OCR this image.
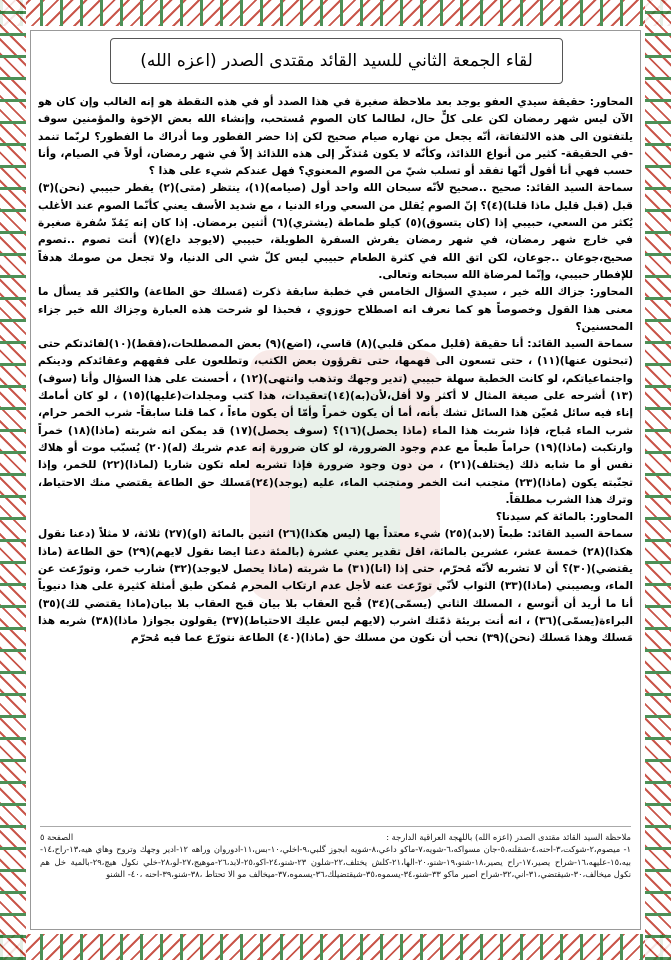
لقاء الجمعة الثاني للسيد القائد مقتدى الصدر (اعزه الله)

المحاور: حقيقة سيدي العفو يوجد بعد ملاحظة صغيرة في هذا الصدد أو في هذه النقطة هو إنه الغالب وإن كان هو الآن ليس شهر رمضان لكن على كلٍّ حال، لطالما كان الصوم مُستحب، وإنشاء الله بعض الإخوة والمؤمنين سوف يلتفتون الى هذه الالتفاتة، أنّه يجعل من نهاره صيام صحيح لكن إذا حضر الفطور وما أدراك ما الفطور؟ لربّما تنمد -في الحقيقة- كثير من أنواع اللذائذ، وكأنّه لا يكون مُتذكّر إلى هذه اللذائذ إلاّ في شهر رمضان، أولاً في الصيام، وأنا حسب فهي أنا أقول أنّها تفقد أو تسلب شيّ من الصوم المعنوي؟ فهل عندكم شيء على هذا ؟

سماحة السيد القائد: صحيح ..صحيح لأنّه سبحان الله واحد أول (صيامه)(١)، ينتظر (متى)(٢) يفطر حبيبي (نحن)(٣) قبل (قبل قليل ماذا قلنا)(٤)؟ إنّ الصوم يُقلل من السعي وراء الدنيا ، مع شديد الأسف يعني كأنّما الصوم عند الأغلب يُكثر من السعي، حبيبي إذا (كان يتسوق)(٥) كيلو طماطة (يشتري)(٦) أثنين برمضان. إذا كان إنه يَمُدّ سُفرة صغيرة في خارج شهر رمضان، في شهر رمضان يفرش السفرة الطويلة، حبيبي (لايوجد داع)(٧) أنت تصوم ..تصوم صحيح،جوعان ..جوعان، لكن اتق الله في كثرة الطعام حبيبي ليس كلّ شي الى الدنيا، ولا تجعل من صومك هدفاً للإفطار حبيبي، وإنّما لمرضاة الله سبحانه وتعالى.

المحاور: جزاك الله خير ، سيدي السؤال الخامس في خطبة سابقة ذكرت (مَسلك حق الطاعة) والكثير قد يسأل ما معنى هذا القول وخصوصاً هو كما نعرف انه اصطلاح حوزوي ، فحبذا لو شرحت هذه العبارة وجزاك الله خير جزاء المحسنين؟

سماحة السيد القائد: أنا حقيقة (قليل ممكن قلبي)(٨) قاسي، (اضع)(٩) بعض المصطلحات،(فقط)(١٠)لفائدتكم حتى (تبحثون عنها)(١١) ، حتى تسعون الى فهمها، حتى تقرؤون بعض الكتب، وتطلعون على فقههم وعقائدكم ودينكم واجتماعياتكم، لو كانت الخطبة سهلة حبيبي (تدير وجهك وتذهب وانتهى)(١٢) ، أحسنت على هذا السؤال وأنا (سوف)(١٣) أشرحه على صيغة المثال لا أكثر ولا أقل،لأن(به)(١٤)تعقيدات، هذا كتب ومجلدات(عليها)(١٥) ، لو كان أمامك إناء فيه سائل مُعيّن هذا السائل تشك بأنه، أما أن يكون خمراً وأمّا أن يكون ماءاً ، كما قلنا سابقاً- شرب الخمر حرام، شرب الماء مُباح، فإذا شربت هذا الماء (ماذا يحصل)(١٦)؟ (سوف يحصل)(١٧) قد يمكن انه شربته (ماذا)(١٨) خمراً وارتكبت (ماذا)(١٩) حراماً طبعاً مع عدم وجود الضرورة، لو كان ضرورة إنه عدم شربك (له)(٢٠) يُسبّب موت أو هلاك نفس أو ما شابه ذلك (يختلف)(٢١) ، من دون وجود ضرورة فإذا تشربه لعله تكون شاربا (لماذا)(٢٢) للخمر، وإذا تجنّبته يكون (ماذا)(٢٣) متجنب انت الخمر ومتجنب الماء، عليه (يوجد)(٢٤)مَسلك حق الطاعة يقتضي منك الاحتياط، وترك هذا الشرب مطلقاً.

المحاور: بالمائة كم سيدنا؟

سماحة السيد القائد: طبعاً (لابد)(٢٥) شيء معتداً بها (ليس هكذا)(٢٦) اثنين بالمائة (او)(٢٧) ثلاثة، لا مثلاً (دعنا نقول هكذا)(٢٨) خمسة عشر، عشرين بالمائة، اقل تقدير يعني عشرة (بالمئة دعنا ايضا نقول لايهم)(٢٩) حق الطاعة (ماذا يقتضي)(٣٠)؟ أن لا تشربه لأنّه مُحرّم، حتى إذا (انا)(٣١) ما شربته (ماذا يحصل لايوجد)(٣٢) شارب خمر، وتورّعت عن الماء، ويصيبني (ماذا)(٣٣) الثواب لأنّي تورّعت عنه لأجل عدم ارتكاب المحرم مُمكن طبق أمثلة كثيرة على هذا دنيوياً أنا ما أريد أن أتوسع ، المسلك الثاني (يسمّى)(٣٤) قُبح العقاب بلا بيان قبح العقاب بلا بيان(ماذا يقتضي لك)(٣٥) البراءة(يسمّى)(٣٦) ، انه أنت بريئة ذمّتك اشرب (لايهم ليس عليك الاحتياط)(٣٧) يقولون بجواز( ماذا)(٣٨) شربه هذا مَسلك وهذا مَسلك (نحن)(٣٩) نحب أن نكون من مسلك حق (ماذا)(٤٠) الطاعة نتورّع عما فيه مُحرّم

ملاحظة السيد القائد مقتدى الصدر (اعزه الله) باللهجة العراقية الدارجة :
الصفحة ٥
١- ميصوم،٢-شوكت،٣-احنه،٤-شقلنه،٥-جان مسواكه،٦-شويه،٧-ماكو داعي،٨-شويه ابجوز گلبي،٩-اخلي،١٠-بس،١١-ادوروان وراهه ١٢-ادير وجهك وتروح وهاي هيه،١٣-راح،١٤-بيه،١٥-عليهه،١٦-شراح يصير،١٧-راح يصير،١٨-شنو،١٩-شنو،٢٠-الها،٢١-كلش يختلف،٢٢-شلون ٢٣-شنو،٢٤-اكو،٢٥-لابد،٢٦-موهيج،٢٧-لو،٢٨-خلي نكول هيچ،٢٩-بالمية خل هم نكول ميخالف،٣٠-شيقتضي،٣١-اني،٣٢-شراح اصير ماكو ٣٣-شنو،٣٤-يسموه،٣٥-شيقتضيلك،٣٦-يسموه،٣٧-ميخالف مو الا تحتاط ،٣٨-شنو،٣٩-احنه ،٤٠- الشنو
